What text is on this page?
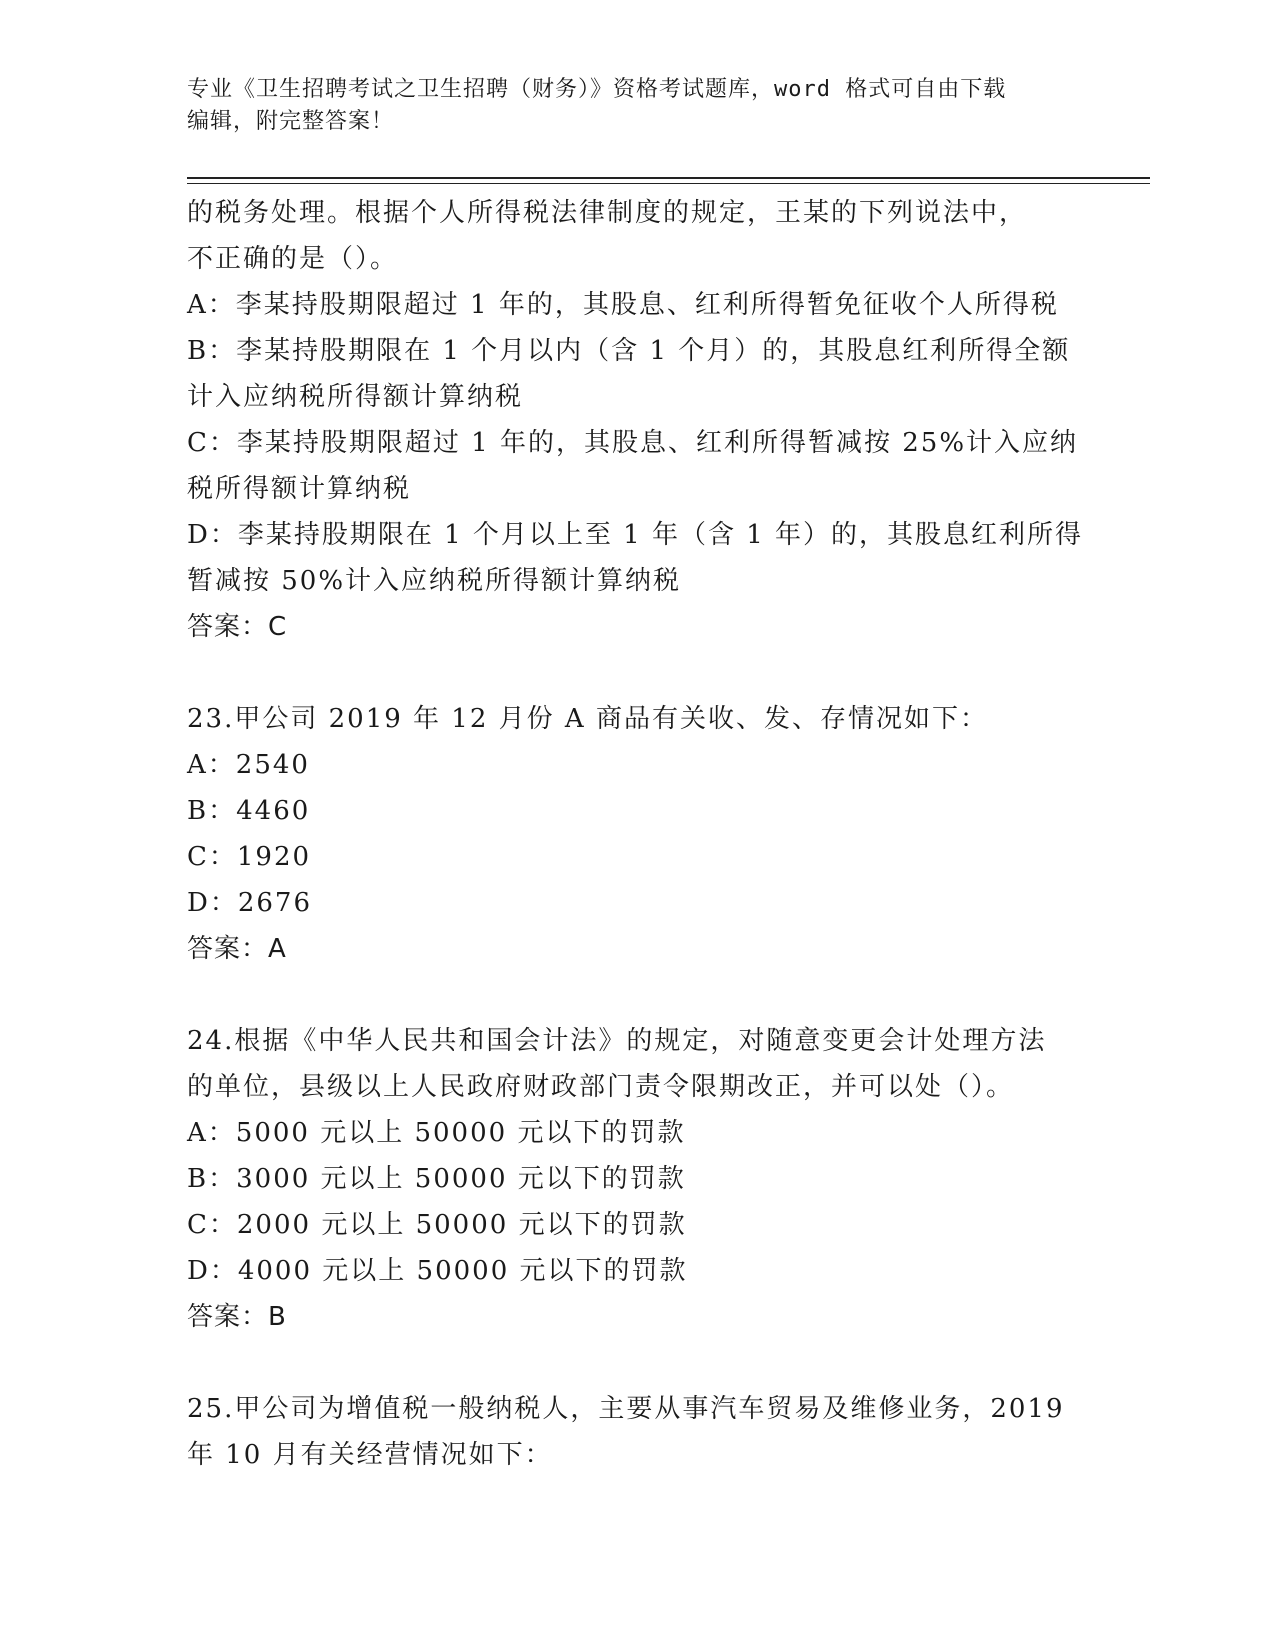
专业《卫生招聘考试之卫生招聘（财务）》资格考试题库，word 格式可自由下载
编辑，附完整答案！
的税务处理。根据个人所得税法律制度的规定，王某的下列说法中，
不正确的是（）。
A：李某持股期限超过 1 年的，其股息、红利所得暂免征收个人所得税
B：李某持股期限在 1 个月以内（含 1 个月）的，其股息红利所得全额
计入应纳税所得额计算纳税
C：李某持股期限超过 1 年的，其股息、红利所得暂减按 25%计入应纳
税所得额计算纳税
D：李某持股期限在 1 个月以上至 1 年（含 1 年）的，其股息红利所得
暂减按 50%计入应纳税所得额计算纳税
答案：C
23.甲公司 2019 年 12 月份 A 商品有关收、发、存情况如下：
A：2540
B：4460
C：1920
D：2676
答案：A
24.根据《中华人民共和国会计法》的规定，对随意变更会计处理方法
的单位，县级以上人民政府财政部门责令限期改正，并可以处（）。
A：5000 元以上 50000 元以下的罚款
B：3000 元以上 50000 元以下的罚款
C：2000 元以上 50000 元以下的罚款
D：4000 元以上 50000 元以下的罚款
答案：B
25.甲公司为增值税一般纳税人，主要从事汽车贸易及维修业务，2019
年 10 月有关经营情况如下：
